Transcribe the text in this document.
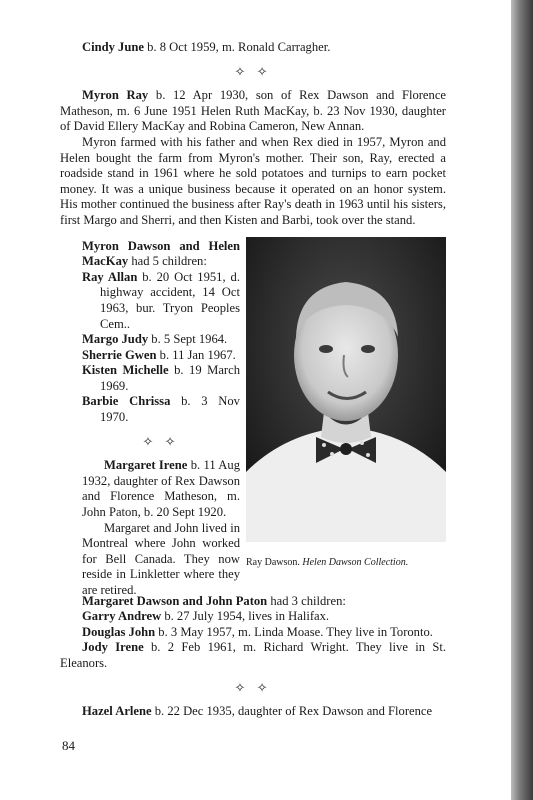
Cindy June b. 8 Oct 1959, m. Ronald Carragher.

✧ ✧

Myron Ray b. 12 Apr 1930, son of Rex Dawson and Florence Matheson, m. 6 June 1951 Helen Ruth MacKay, b. 23 Nov 1930, daughter of David Ellery MacKay and Robina Cameron, New Annan.

Myron farmed with his father and when Rex died in 1957, Myron and Helen bought the farm from Myron's mother. Their son, Ray, erected a roadside stand in 1961 where he sold potatoes and turnips to earn pocket money. It was a unique business because it operated on an honor system. His mother continued the business after Ray's death in 1963 until his sisters, first Margo and Sherri, and then Kisten and Barbi, took over the stand.

Myron Dawson and Helen MacKay had 5 children:

Ray Allan b. 20 Oct 1951, d. highway accident, 14 Oct 1963, bur. Tryon Peoples Cem..

Margo Judy b. 5 Sept 1964.

Sherrie Gwen b. 11 Jan 1967.

Kisten Michelle b. 19 March 1969.

Barbie Chrissa b. 3 Nov 1970.

✧ ✧

Margaret Irene b. 11 Aug 1932, daughter of Rex Dawson and Florence Matheson, m. John Paton, b. 20 Sept 1920.

Margaret and John lived in Montreal where John worked for Bell Canada. They now reside in Linkletter where they are retired.

Ray Dawson. Helen Dawson Collection.

Margaret Dawson and John Paton had 3 children:

Garry Andrew b. 27 July 1954, lives in Halifax.

Douglas John b. 3 May 1957, m. Linda Moase. They live in Toronto.

Jody Irene b. 2 Feb 1961, m. Richard Wright. They live in St. Eleanors.

✧ ✧

Hazel Arlene b. 22 Dec 1935, daughter of Rex Dawson and Florence

84
